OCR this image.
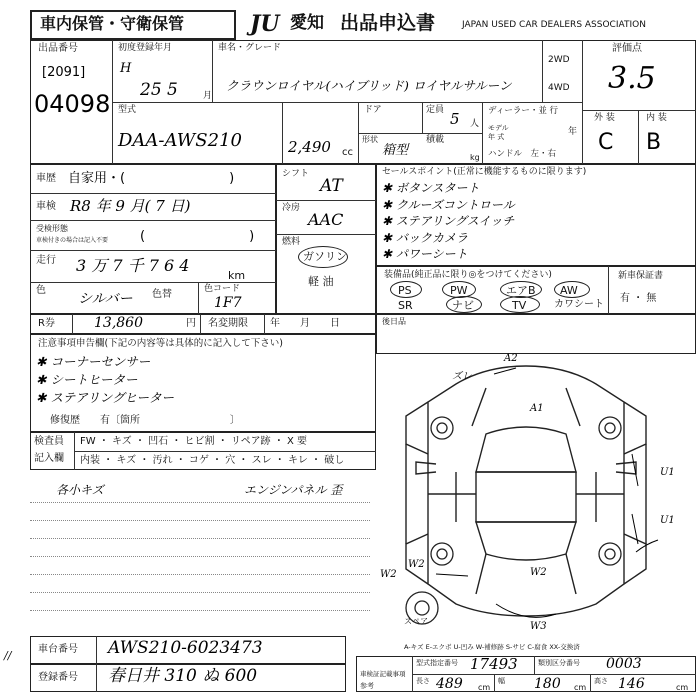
車内保管・守衛保管	JU 愛知 出品申込書	JAPAN USED CAR DEALERS ASSOCIATION
出品番号
[2091]
04098
初度登録年月
H
25 5	月
車名・グレード
クラウンロイヤル(ハイブリッド) ロイヤルサルーン
2WD
4WD
評価点
3.5
外 装	内 装
C B
型式
DAA-AWS210	2,490 cc
ドア	定員 5 人
形状
箱型
積載
kg
ディーラー・並 行
モデル
年 式	年
ハンドル　左・右
車歴 自家用・(　　　　　　　　)
車検 R8 年 9 月( 7 日)
受検形態
車検付きの場合は記入不要 (　　　　　　　　)
走行 3 万 7 千 7 6 4
km
色
シルバー 色替	色コード
1F7
シフト
AT
冷房
AAC
燃料
ガソリン
軽 油
セールスポイント(正常に機能するものに限ります)
✱ ボタンスタート
✱ クルーズコントロール
✱ ステアリングスイッチ
✱ バックカメラ
✱ パワーシート
装備品(純正品に限り◎をつけてください)
PS	PW	エアB AW
SR	ナビ	TV	カワシート
新車保証書
有 ・ 無
R券	13,860	円 名変期限 年　　月　　日	後日品
注意事項申告欄(下記の内容等は具体的に記入して下さい)
✱ コーナーセンサー
✱ シートヒーター
✱ ステアリングヒーター
修復歴　　有〔箇所　　　　　　　　　〕
検査員
記入欄
FW ・ キズ ・ 凹石 ・ ヒビ割 ・ リペア跡 ・ X 要
内装 ・ キズ ・ 汚れ ・ コゲ ・ 穴 ・ スレ ・ キレ ・ 破し
各小キズ	エンジンパネル 歪
A2
ズレ
A1
U1
U1
W2
W2
W3
W2
スペア
車台番号 AWS210-6023473
登録番号 春日井 310 ぬ 600
//
A-キズ E-エクボ U-凹み W-補修跡 S-サビ C-腐食 XX-交換済
車検証記載事項
型式指定番号 17493	類別区分番号 0003
参考
長さ 489 cm
幅 180 cm
高さ 146	cm
